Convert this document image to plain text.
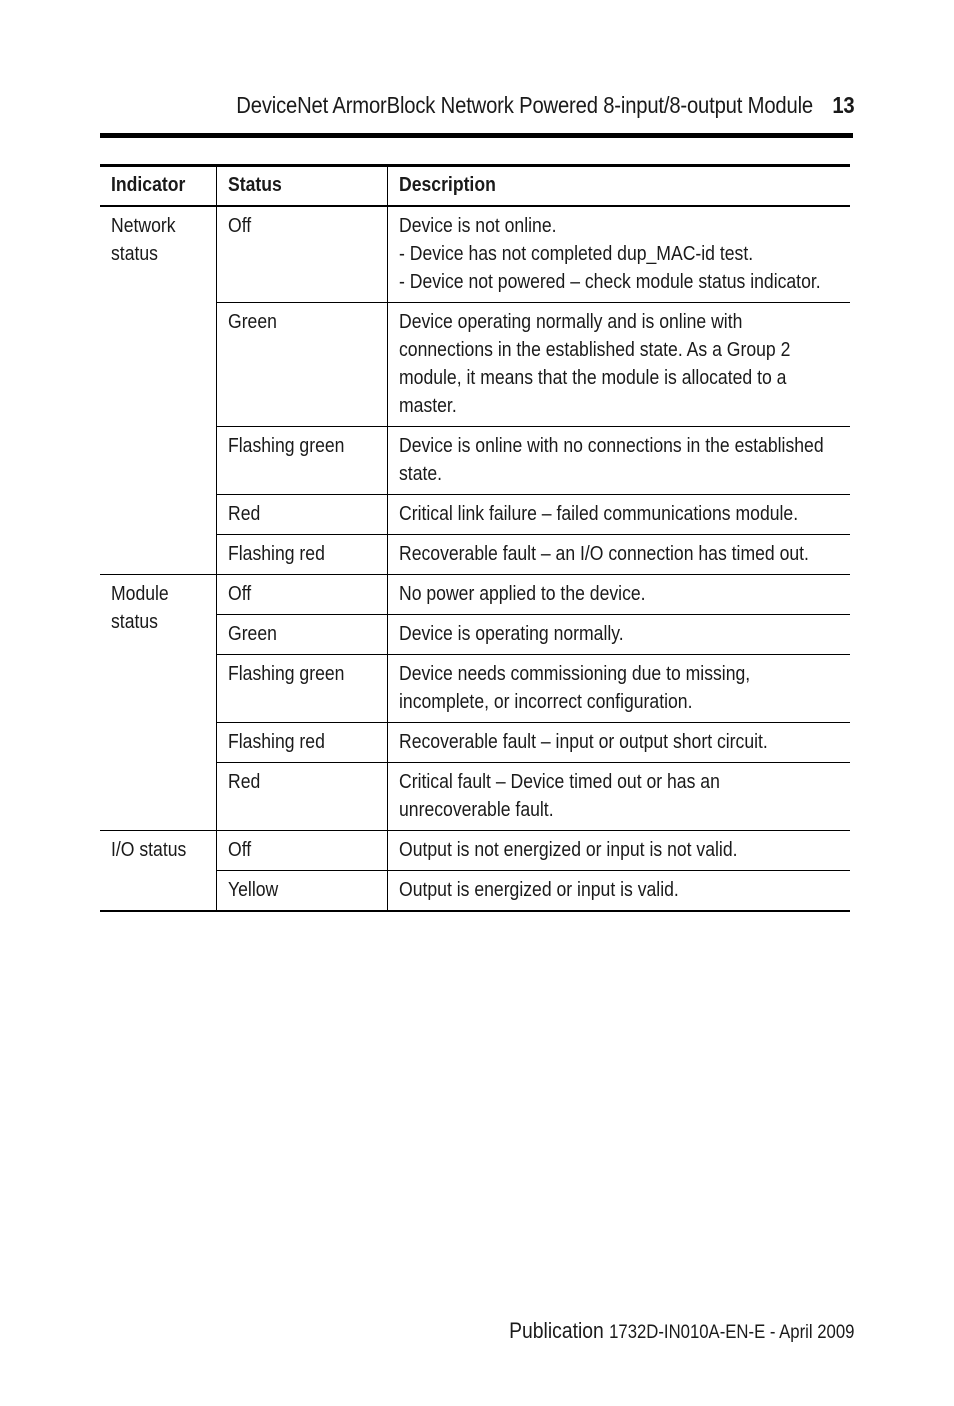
DeviceNet ArmorBlock Network Powered 8-input/8-output Module 13
Indicator	Status	Description

Network
status	Off	Device is not online.
- Device has not completed dup_MAC-id test.
- Device not powered – check module status indicator.

	Green	Device operating normally and is online with
connections in the established state. As a Group 2
module, it means that the module is allocated to a
master.

	Flashing green	Device is online with no connections in the established
state.

	Red	Critical link failure – failed communications module.

	Flashing red	Recoverable fault – an I/O connection has timed out.

Module
status	Off	No power applied to the device.

	Green	Device is operating normally.

	Flashing green	Device needs commissioning due to missing,
incomplete, or incorrect configuration.

	Flashing red	Recoverable fault – input or output short circuit.

	Red	Critical fault – Device timed out or has an
unrecoverable fault.

I/O status	Off	Output is not energized or input is not valid.

	Yellow	Output is energized or input is valid.
Publication 1732D-IN010A-EN-E - April 2009
